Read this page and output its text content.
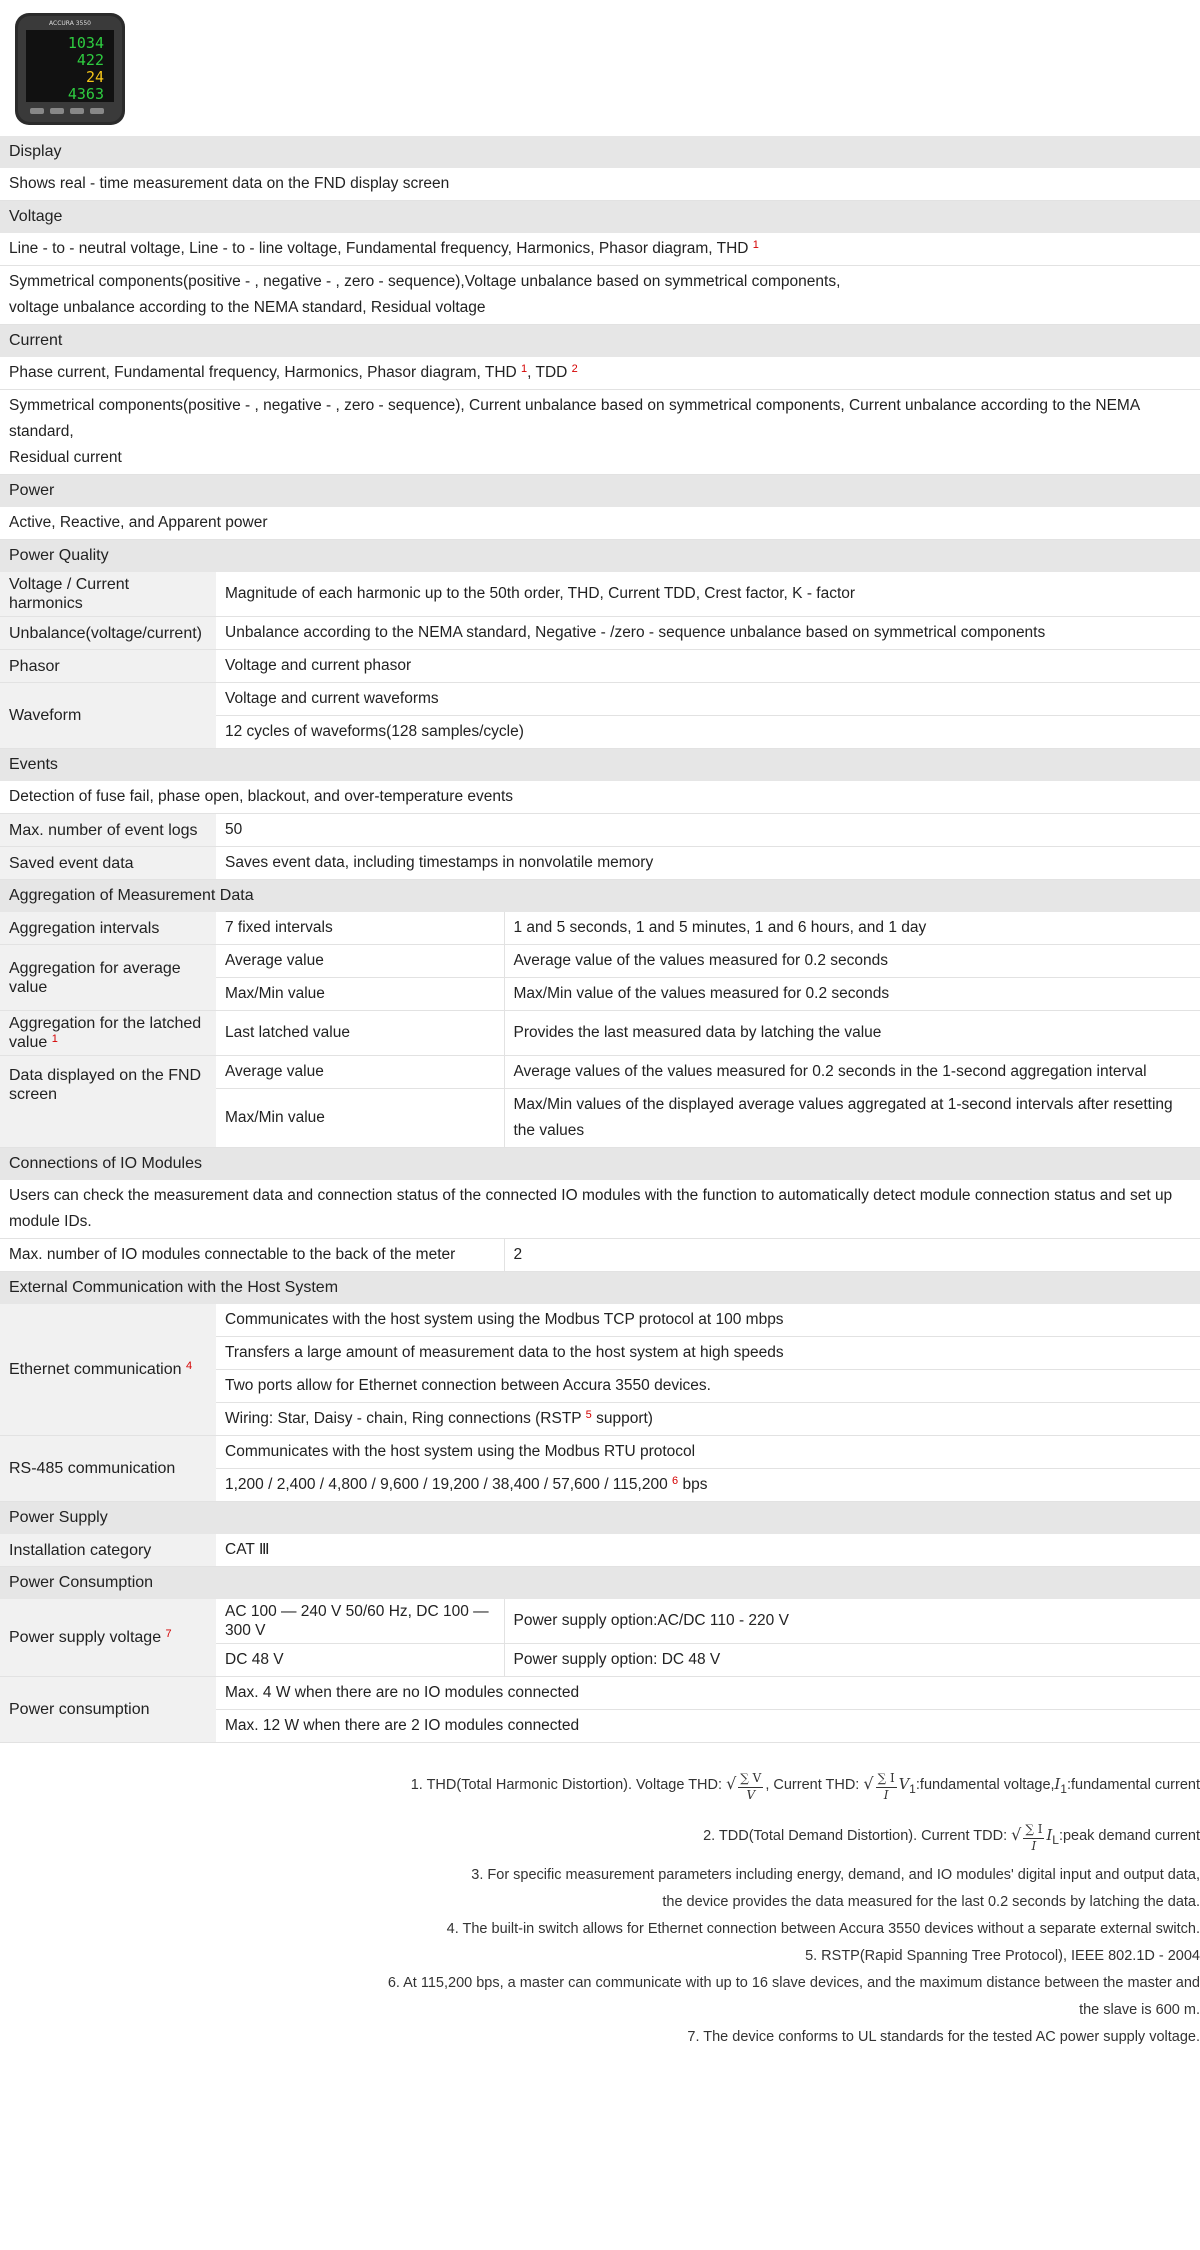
ACCURA 3550
1034
422
24
4363
Display		
Shows real - time measurement data on the FND display screen		
Voltage		
Line - to - neutral voltage, Line - to - line voltage, Fundamental frequency, Harmonics, Phasor diagram, THD $^1$
Symmetrical components(positive - , negative - , zero - sequence),Voltage unbalance based on symmetrical components,
voltage unbalance according to the NEMA standard, Residual voltage		
Current		
Phase current, Fundamental frequency, Harmonics, Phasor diagram, THD $^1$, TDD $^2$
Symmetrical components(positive - , negative - , zero - sequence), Current unbalance based on symmetrical components, Current unbalance according to the NEMA standard,
Residual current		
Power		
Active, Reactive, and Apparent power		
Power Quality		
Voltage / Current harmonics	Magnitude of each harmonic up to the 50th order, THD, Current TDD, Crest factor, K - factor	
Unbalance(voltage/current)	Unbalance according to the NEMA standard, Negative - /zero - sequence unbalance based on symmetrical components	
Phasor	Voltage and current phasor	
Waveform	Voltage and current waveforms	
	12 cycles of waveforms(128 samples/cycle)	
Events		
Detection of fuse fail, phase open, blackout, and over-temperature events		
Max. number of event logs	50	
Saved event data	Saves event data, including timestamps in nonvolatile memory	
Aggregation of Measurement Data		
Aggregation intervals	7 fixed intervals	1 and 5 seconds, 1 and 5 minutes, 1 and 6 hours, and 1 day
Aggregation for average value	Average value	Average value of the values measured for 0.2 seconds
	Max/Min value	Max/Min value of the values measured for 0.2 seconds
Aggregation for the latched value $^1$	Last latched value	Provides the last measured data by latching the value
Data displayed on the FND screen	Average value	Average values of the values measured for 0.2 seconds in the 1-second aggregation interval
	Max/Min value	Max/Min values of the displayed average values aggregated at 1-second intervals after resetting
the values
Connections of IO Modules		
Users can check the measurement data and connection status of the connected IO modules with the function to automatically detect module connection status and set up
module IDs.		
Max. number of IO modules connectable to the back of the meter		2
External Communication with the Host System		
Ethernet communication $^4$	Communicates with the host system using the Modbus TCP protocol at 100 mbps	
	Transfers a large amount of measurement data to the host system at high speeds	
	Two ports allow for Ethernet connection between Accura 3550 devices.	
	Wiring: Star, Daisy - chain, Ring connections (RSTP $^5$ support)	
RS-485 communication	Communicates with the host system using the Modbus RTU protocol	
	1,200 / 2,400 / 4,800 / 9,600 / 19,200 / 38,400 / 57,600 / 115,200 $^6$ bps	
Power Supply		
Installation category	CAT Ⅲ	
Power Consumption		
Power supply voltage $^7$	AC 100 — 240 V 50/60 Hz, DC 100 — 300 V	Power supply option:AC/DC 110 - 220 V
	DC 48 V	Power supply option: DC 48 V
Power consumption	Max. 4 W when there are no IO modules connected	
	Max. 12 W when there are 2 IO modules connected	
1. THD(Total Harmonic Distortion). Voltage THD: √ $\frac{\sum V}{V}$ , Current THD: √ $\frac{\sum I}{I}$ $V_1:fundamental$ $voltage,I_1:fundamental$ current
2. TDD(Total Demand Distortion). Current TDD: √ $\frac{\sum I}{I}$ $I_L:peak$ demand current
3. For specific measurement parameters including energy, demand, and IO modules' digital input and output data,
the device provides the data measured for the last 0.2 seconds by latching the data.
4. The built-in switch allows for Ethernet connection between Accura 3550 devices without a separate external switch.
5. RSTP(Rapid Spanning Tree Protocol), IEEE 802.1D - 2004
6. At 115,200 bps, a master can communicate with up to 16 slave devices, and the maximum distance between the master and
the slave is 600 m.
7. The device conforms to UL standards for the tested AC power supply voltage.
